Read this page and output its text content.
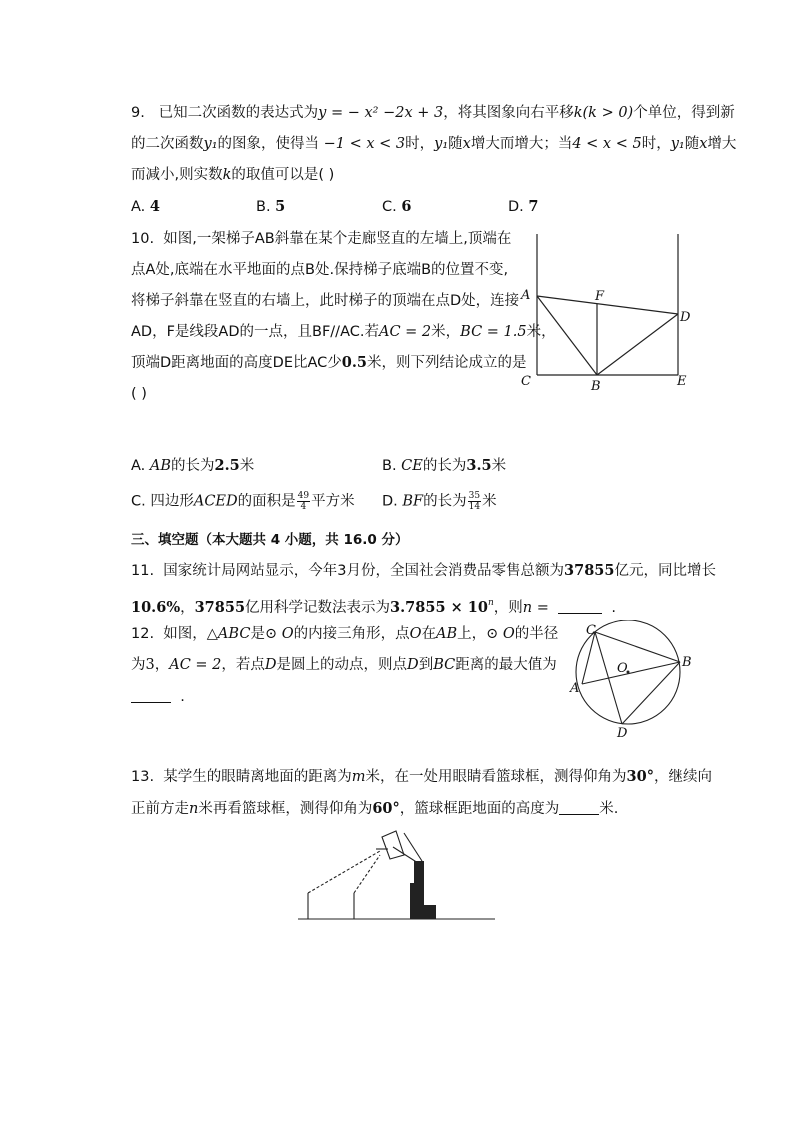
9. 已知二次函数的表达式为y = − x² −2x + 3，将其图象向右平移k(k > 0)个单位，得到新
的二次函数y₁的图象，使得当 −1 < x < 3时，y₁随x增大而增大；当4 < x < 5时，y₁随x增大
而减小,则实数k的取值可以是( )
A. 4	B. 5	C. 6	D. 7
10. 如图,一架梯子AB斜靠在某个走廊竖直的左墙上,顶端在
点A处,底端在水平地面的点B处.保持梯子底端B的位置不变,
将梯子斜靠在竖直的右墙上，此时梯子的顶端在点D处，连接
AD，F是线段AD的一点，且BF//AC.若AC = 2米，BC = 1.5米，
顶端D距离地面的高度DE比AC少0.5米，则下列结论成立的是
( )
A	F
D
C	B	E
A. AB的长为2.5米	B. CE的长为3.5米
C. 四边形ACED的面积是 $\frac{49}{4}$ 平方米 D. BF的长为 $\frac{35}{14}$ 米
三、填空题（本大题共 4 小题，共 16.0 分）
11. 国家统计局网站显示，今年3月份，全国社会消费品零售总额为37855亿元，同比增长
10.6%，37855亿用科学记数法表示为$3.7855 \times 10^n$，则n =	.
12. 如图，△ABC是⊙ O的内接三角形，点O在AB上，⊙ O的半径
为3，AC = 2，若点D是圆上的动点，则点D到BC距离的最大值为
.
C
O	B
A
D
13. 某学生的眼睛离地面的距离为m米，在一处用眼睛看篮球框，测得仰角为30°，继续向
正前方走n米再看篮球框，测得仰角为60°，篮球框距地面的高度为	米.
